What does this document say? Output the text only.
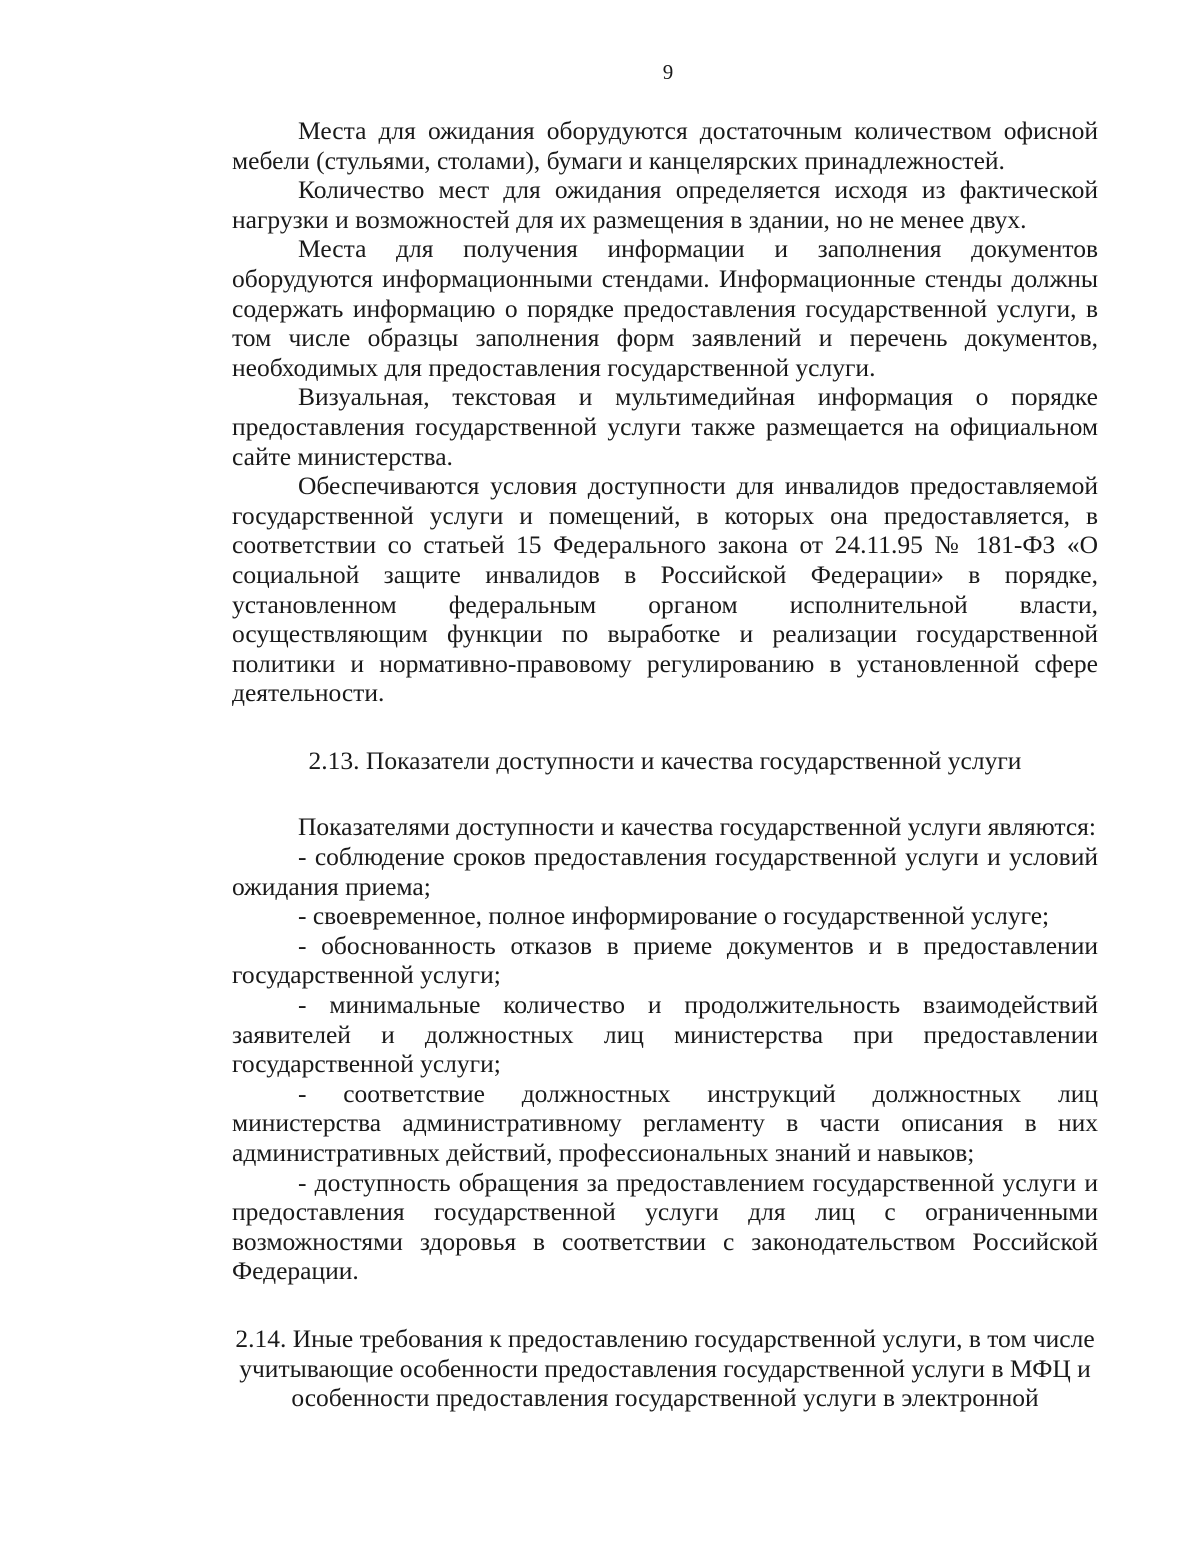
9

Места для ожидания оборудуются достаточным количеством офисной мебели (стульями, столами), бумаги и канцелярских принадлежностей.

Количество мест для ожидания определяется исходя из фактической нагрузки и возможностей для их размещения в здании, но не менее двух.

Места для получения информации и заполнения документов оборудуются информационными стендами. Информационные стенды должны содержать информацию о порядке предоставления государственной услуги, в том числе образцы заполнения форм заявлений и перечень документов, необходимых для предоставления государственной услуги.

Визуальная, текстовая и мультимедийная информация о порядке предоставления государственной услуги также размещается на официальном сайте министерства.

Обеспечиваются условия доступности для инвалидов предоставляемой государственной услуги и помещений, в которых она предоставляется, в соответствии со статьей 15 Федерального закона от 24.11.95 № 181-ФЗ «О социальной защите инвалидов в Российской Федерации» в порядке, установленном федеральным органом исполнительной власти, осуществляющим функции по выработке и реализации государственной политики и нормативно-правовому регулированию в установленной сфере деятельности.

2.13. Показатели доступности и качества государственной услуги

Показателями доступности и качества государственной услуги являются:

- соблюдение сроков предоставления государственной услуги и условий ожидания приема;

- своевременное, полное информирование о государственной услуге;

- обоснованность отказов в приеме документов и в предоставлении государственной услуги;

- минимальные количество и продолжительность взаимодействий заявителей и должностных лиц министерства при предоставлении государственной услуги;

- соответствие должностных инструкций должностных лиц министерства административному регламенту в части описания в них административных действий, профессиональных знаний и навыков;

- доступность обращения за предоставлением государственной услуги и предоставления государственной услуги для лиц с ограниченными возможностями здоровья в соответствии с законодательством Российской Федерации.

2.14. Иные требования к предоставлению государственной услуги, в том числе учитывающие особенности предоставления государственной услуги в МФЦ и особенности предоставления государственной услуги в электронной
